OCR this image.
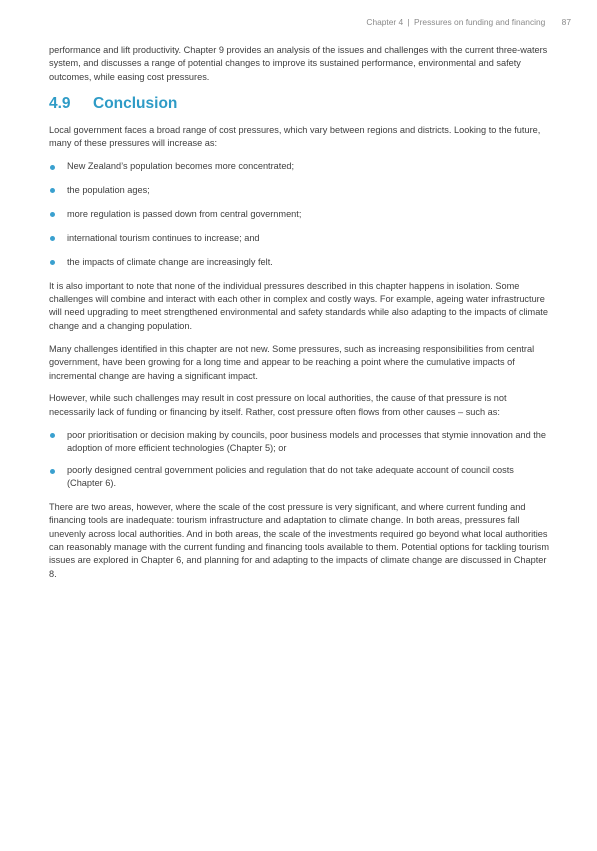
Chapter 4 | Pressures on funding and financing 87

performance and lift productivity. Chapter 9 provides an analysis of the issues and challenges with the current three-waters system, and discusses a range of potential changes to improve its sustained performance, environmental and safety outcomes, while easing cost pressures.

4.9	Conclusion

Local government faces a broad range of cost pressures, which vary between regions and districts. Looking to the future, many of these pressures will increase as:

New Zealand’s population becomes more concentrated;
the population ages;
more regulation is passed down from central government;
international tourism continues to increase; and
the impacts of climate change are increasingly felt.

It is also important to note that none of the individual pressures described in this chapter happens in isolation. Some challenges will combine and interact with each other in complex and costly ways. For example, ageing water infrastructure will need upgrading to meet strengthened environmental and safety standards while also adapting to the impacts of climate change and a changing population.

Many challenges identified in this chapter are not new. Some pressures, such as increasing responsibilities from central government, have been growing for a long time and appear to be reaching a point where the cumulative impacts of incremental change are having a significant impact.

However, while such challenges may result in cost pressure on local authorities, the cause of that pressure is not necessarily lack of funding or financing by itself. Rather, cost pressure often flows from other causes – such as:

poor prioritisation or decision making by councils, poor business models and processes that stymie innovation and the adoption of more efficient technologies (Chapter 5); or
poorly designed central government policies and regulation that do not take adequate account of council costs (Chapter 6).

There are two areas, however, where the scale of the cost pressure is very significant, and where current funding and financing tools are inadequate: tourism infrastructure and adaptation to climate change. In both areas, pressures fall unevenly across local authorities. And in both areas, the scale of the investments required go beyond what local authorities can reasonably manage with the current funding and financing tools available to them. Potential options for tackling tourism issues are explored in Chapter 6, and planning for and adapting to the impacts of climate change are discussed in Chapter 8.
